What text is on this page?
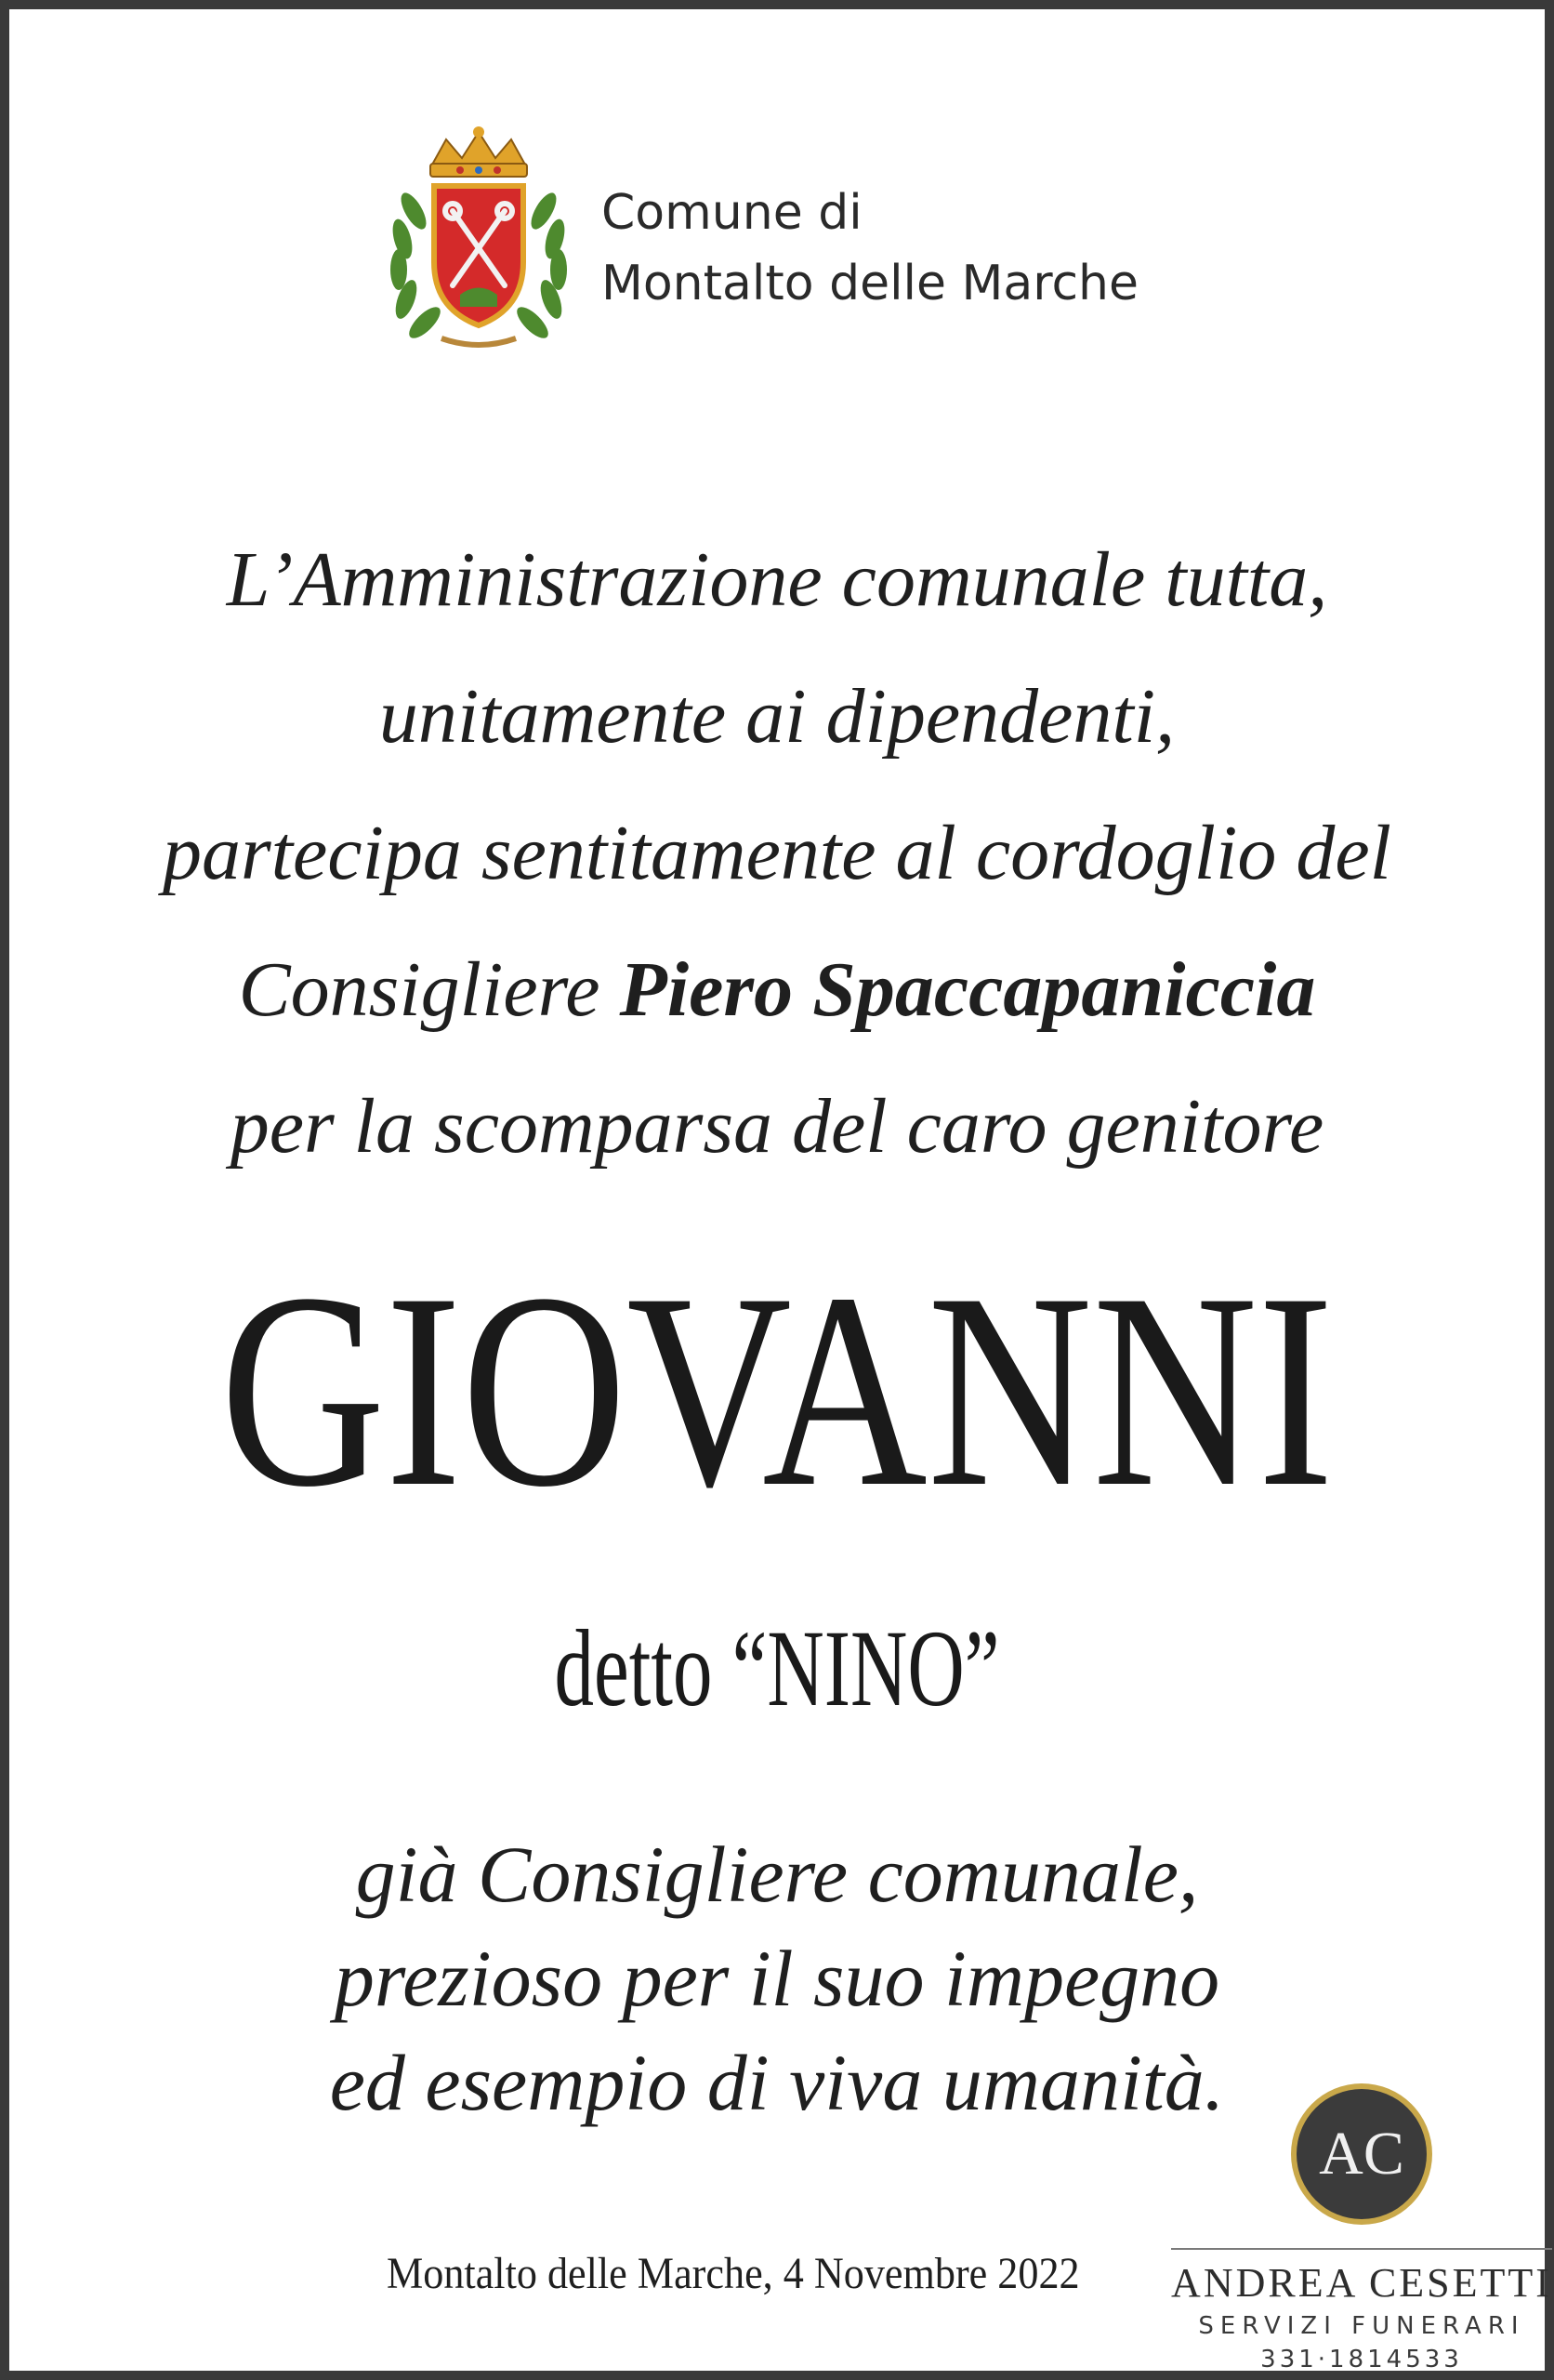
Comune di
Montalto delle Marche
L’Amministrazione comunale tutta,
unitamente ai dipendenti,
partecipa sentitamente al cordoglio del
Consigliere Piero Spaccapaniccia
per la scomparsa del caro genitore
GIOVANNI
detto “NINO”
già Consigliere comunale,
prezioso per il suo impegno
ed esempio di viva umanità.
Montalto delle Marche, 4 Novembre 2022
AC
ANDREA CESETTI
SERVIZI FUNERARI
331·1814533
